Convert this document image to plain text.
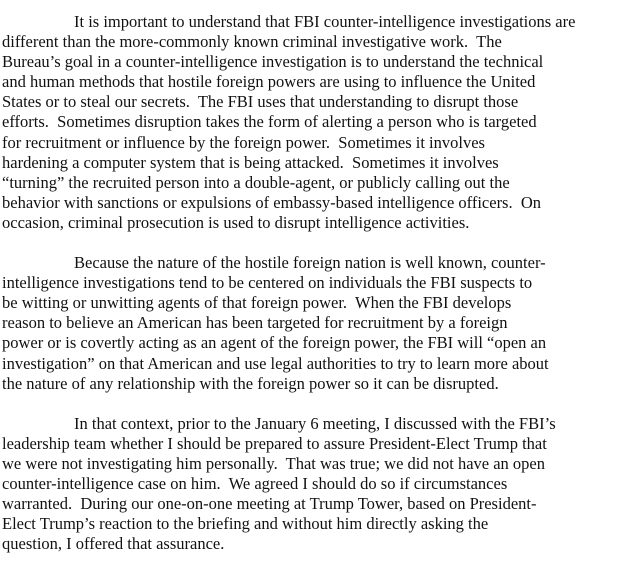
It is important to understand that FBI counter-intelligence investigations are
different than the more-commonly known criminal investigative work.  The
Bureau’s goal in a counter-intelligence investigation is to understand the technical
and human methods that hostile foreign powers are using to influence the United
States or to steal our secrets.  The FBI uses that understanding to disrupt those
efforts.  Sometimes disruption takes the form of alerting a person who is targeted
for recruitment or influence by the foreign power.  Sometimes it involves
hardening a computer system that is being attacked.  Sometimes it involves
“turning” the recruited person into a double-agent, or publicly calling out the
behavior with sanctions or expulsions of embassy-based intelligence officers.  On
occasion, criminal prosecution is used to disrupt intelligence activities.
Because the nature of the hostile foreign nation is well known, counter-
intelligence investigations tend to be centered on individuals the FBI suspects to
be witting or unwitting agents of that foreign power.  When the FBI develops
reason to believe an American has been targeted for recruitment by a foreign
power or is covertly acting as an agent of the foreign power, the FBI will “open an
investigation” on that American and use legal authorities to try to learn more about
the nature of any relationship with the foreign power so it can be disrupted.
In that context, prior to the January 6 meeting, I discussed with the FBI’s
leadership team whether I should be prepared to assure President-Elect Trump that
we were not investigating him personally.  That was true; we did not have an open
counter-intelligence case on him.  We agreed I should do so if circumstances
warranted.  During our one-on-one meeting at Trump Tower, based on President-
Elect Trump’s reaction to the briefing and without him directly asking the
question, I offered that assurance.
